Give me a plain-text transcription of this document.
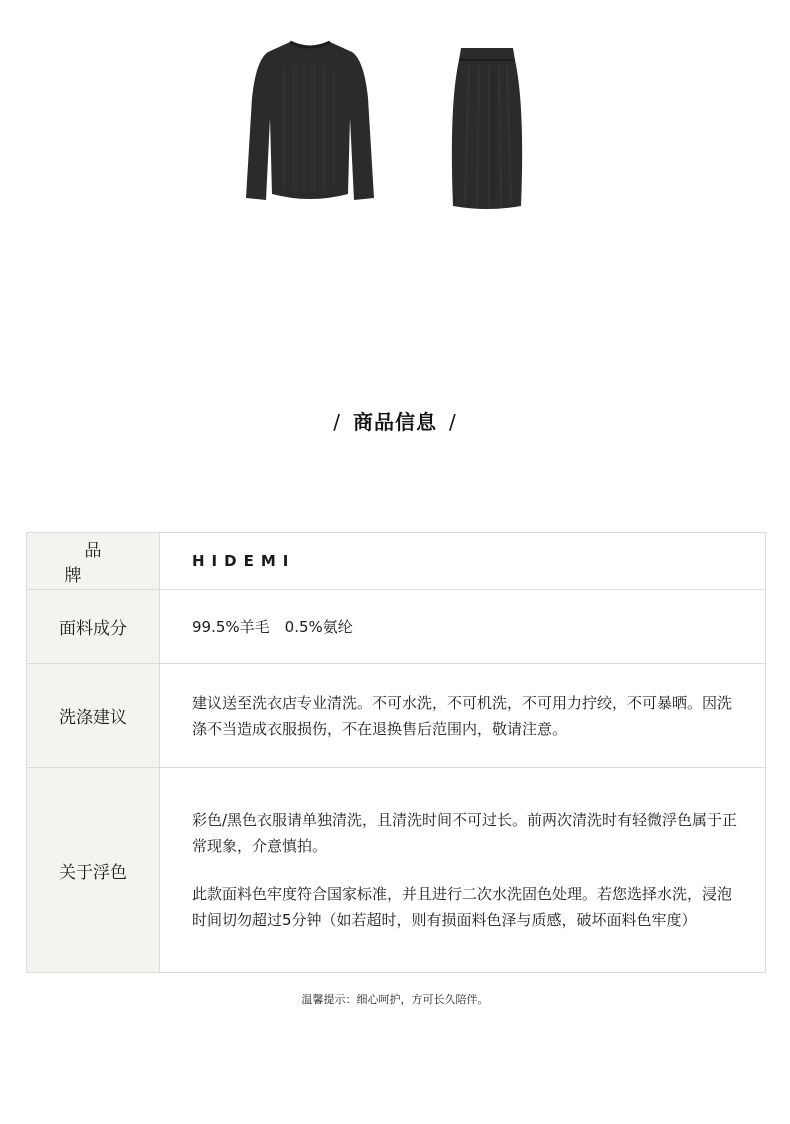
/ 商品信息 /
品 牌	HIDEMI
面料成分	99.5%羊毛　0.5%氨纶
洗涤建议	建议送至洗衣店专业清洗。不可水洗，不可机洗，不可用力拧绞，不可暴晒。因洗涤不当造成衣服损伤，不在退换售后范围内，敬请注意。
关于浮色	彩色/黑色衣服请单独清洗，且清洗时间不可过长。前两次清洗时有轻微浮色属于正常现象，介意慎拍。
此款面料色牢度符合国家标准，并且进行二次水洗固色处理。若您选择水洗，浸泡时间切勿超过5分钟（如若超时，则有损面料色泽与质感，破坏面料色牢度）
温馨提示：细心呵护，方可长久陪伴。
